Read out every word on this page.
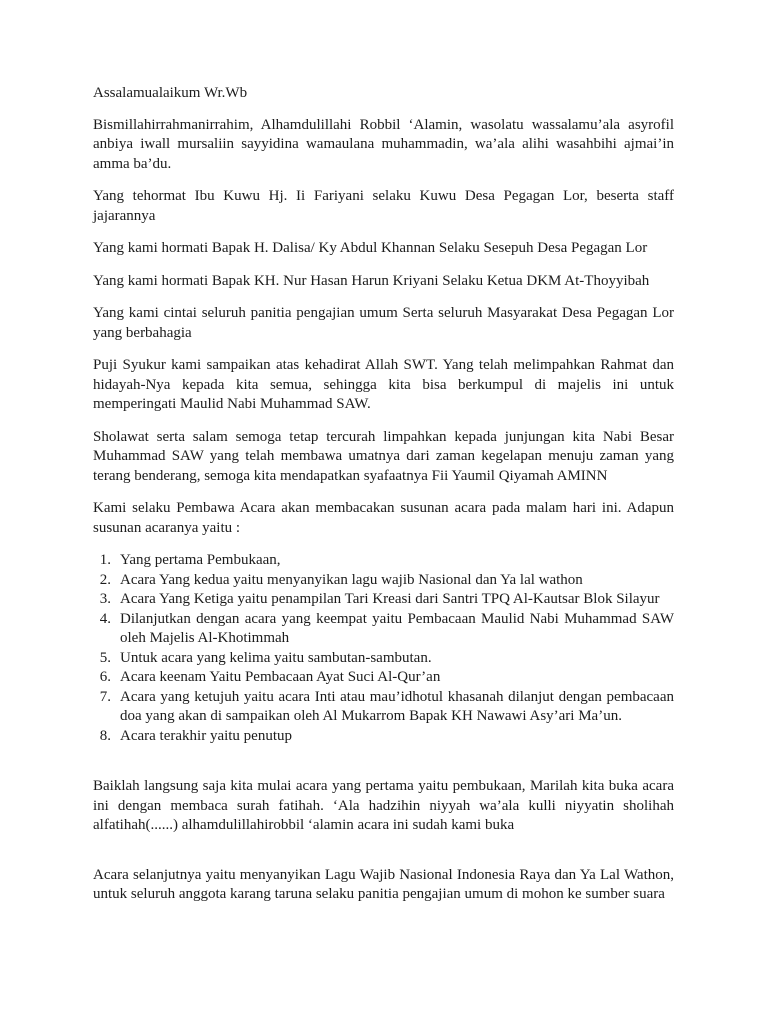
Assalamualaikum Wr.Wb

Bismillahirrahmanirrahim, Alhamdulillahi Robbil ‘Alamin, wasolatu wassalamu’ala asyrofil anbiya iwall mursaliin sayyidina wamaulana muhammadin, wa’ala alihi wasahbihi ajmai’in amma ba’du.

Yang tehormat Ibu Kuwu Hj. Ii Fariyani selaku Kuwu Desa Pegagan Lor, beserta staff jajarannya

Yang kami hormati Bapak H. Dalisa/ Ky Abdul Khannan Selaku Sesepuh Desa Pegagan Lor

Yang kami hormati Bapak KH. Nur Hasan Harun Kriyani Selaku Ketua DKM At-Thoyyibah

Yang kami cintai seluruh panitia pengajian umum Serta seluruh Masyarakat Desa Pegagan Lor yang berbahagia

Puji Syukur kami sampaikan atas kehadirat Allah SWT. Yang telah melimpahkan Rahmat dan hidayah-Nya kepada kita semua, sehingga kita bisa berkumpul di majelis ini untuk memperingati Maulid Nabi Muhammad SAW.

Sholawat serta salam semoga tetap tercurah limpahkan kepada junjungan kita Nabi Besar Muhammad SAW yang telah membawa umatnya dari zaman kegelapan menuju zaman yang terang benderang, semoga kita mendapatkan syafaatnya Fii Yaumil Qiyamah AMINN

Kami selaku Pembawa Acara akan membacakan susunan acara pada malam hari ini. Adapun susunan acaranya yaitu :

1. Yang pertama Pembukaan,
2. Acara Yang kedua yaitu menyanyikan lagu wajib Nasional dan Ya lal wathon
3. Acara Yang Ketiga yaitu penampilan Tari Kreasi dari Santri TPQ Al-Kautsar Blok Silayur
4. Dilanjutkan dengan acara yang keempat yaitu Pembacaan Maulid Nabi Muhammad SAW oleh Majelis Al-Khotimmah
5. Untuk acara yang kelima yaitu sambutan-sambutan.
6. Acara keenam Yaitu Pembacaan Ayat Suci Al-Qur’an
7. Acara yang ketujuh yaitu acara Inti atau mau’idhotul khasanah dilanjut dengan pembacaan doa yang akan di sampaikan oleh Al Mukarrom Bapak KH Nawawi Asy’ari Ma’un.
8. Acara terakhir yaitu penutup

Baiklah langsung saja kita mulai acara yang pertama yaitu pembukaan, Marilah kita buka acara ini dengan membaca surah fatihah. ‘Ala hadzihin niyyah wa’ala kulli niyyatin sholihah alfatihah(......) alhamdulillahirobbil ‘alamin acara ini sudah kami buka

Acara selanjutnya yaitu menyanyikan Lagu Wajib Nasional Indonesia Raya dan Ya Lal Wathon, untuk seluruh anggota karang taruna selaku panitia pengajian umum di mohon ke sumber suara
